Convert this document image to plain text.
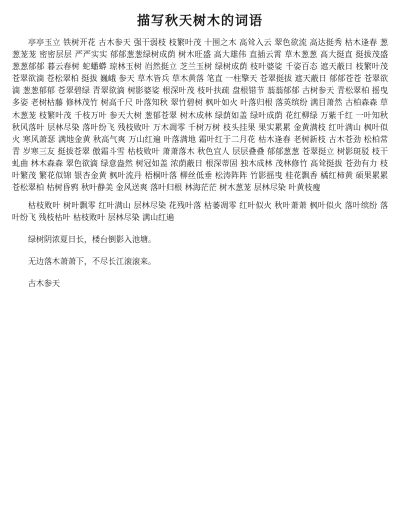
描写秋天树木的词语

亭亭玉立 铁树开花 古木参天 强干弱枝 枝繁叶茂 十围之木 高耸入云 翠色欲流 高达挺秀 枯木逢春 葱葱茏茏 密密层层 严严实实 郁郁葱葱绿树成荫 树木旺盛 高大雄伟 直插云霄 草木葱葱 高大挺直 挺拔茂盛 葱葱郁郁 暮云春树 蛇蟠蟒 琼林玉树 岿然挺立 芝兰玉树 绿树成荫 枝叶婆娑 千姿百态 遮天蔽日 枝繁叶茂 苍翠欲滴 苍松翠柏 挺拔 巍峨 参天 草木皆兵 草木黄落 笔直 一柱擎天 苍翠挺拔 遮天蔽日 郁郁苍苍 苍翠欲滴 葱葱郁郁 苍翠碧绿 青翠欲滴 树影婆娑 根深叶茂 枝叶扶疏 盘根错节 蓊蓊郁郁 古树参天 青松翠柏 摇曳多姿 老树枯藤 修林茂竹 树高千尺 叶落知秋 翠竹碧树 枫叶如火 叶落归根 落英缤纷 满目萧然 古柏森森 草木葱茏 枝繁叶茂 千枝万叶 参天大树 葱郁苍翠 树木成林 绿荫如盖 绿叶成荫 花红柳绿 万紫千红 一叶知秋 秋风落叶 层林尽染 落叶纷飞 残枝败叶 万木凋零 千树万树 枝头挂果 果实累累 金黄满枝 红叶满山 枫叶似火 寒风萧瑟 满地金黄 秋高气爽 万山红遍 叶落满地 霜叶红于二月花 枯木逢春 老树新枝 古木苍劲 松柏常青 岁寒三友 挺拔苍翠 傲霜斗雪 枯枝败叶 萧萧落木 秋色宜人 层层叠叠 郁郁葱葱 苍翠挺立 树影斑驳 枝干虬曲 林木森森 翠色欲滴 绿意盎然 树冠如盖 浓荫蔽日 根深蒂固 独木成林 茂林修竹 高耸挺拔 苍劲有力 枝叶繁茂 繁花似锦 银杏金黄 枫叶流丹 梧桐叶落 柳丝低垂 松涛阵阵 竹影摇曳 桂花飘香 橘红柿黄 硕果累累 苍松翠柏 枯树昏鸦 秋叶静美 金风送爽 落叶归根 林海茫茫 树木葱茏 层林尽染 叶黄枝瘦

枯枝败叶 树叶飘零 红叶满山 层林尽染 花残叶落 枯萎凋零 红叶似火 秋叶萧萧 枫叶似火 落叶缤纷 落叶纷飞 残枝枯叶 枯枝败叶 层林尽染 满山红遍

绿树阴浓夏日长，楼台倒影入池塘。

无边落木萧萧下，不尽长江滚滚来。

古木参天
